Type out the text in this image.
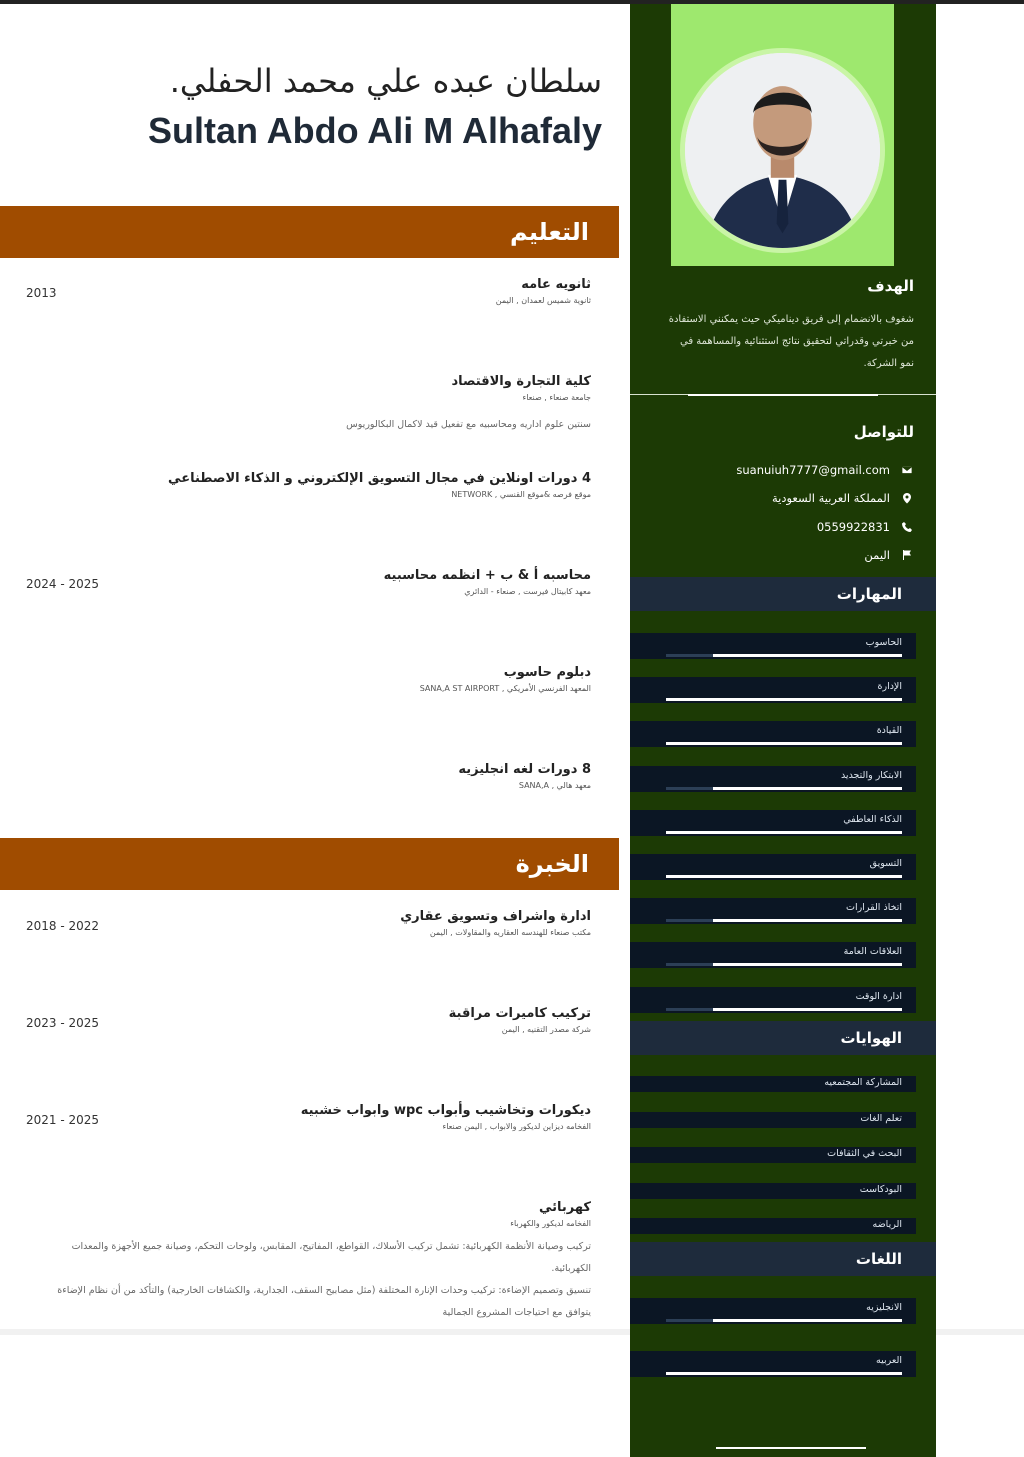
سلطان عبده علي محمد الحفلي.
Sultan Abdo Ali M Alhafaly
التعليم
ثانويه عامه
ثانوية شميس لعمدان , اليمن
2013
كلية التجارة والاقتصاد
جامعة صنعاء , صنعاء
سنتين علوم اداريه ومحاسبيه مع تفعيل قيد لاكمال البكالوريوس
4 دورات اونلاين في مجال التسويق الإلكتروني و الذكاء الاصطناعي
موقع فرصه &موقع القنسي , NETWORK
محاسبه أ & ب + انظمه محاسبيه
معهد كابيتال فيرست , صنعاء - الدائري
2024 - 2025
دبلوم حاسوب
المعهد الفرنسي الأمريكي , SANA,A ST AIRPORT
8 دورات لغه انجليزيه
معهد هالي , SANA,A
الخبرة
ادارة واشراف وتسويق عقاري
مكتب صنعاء للهندسه العقاريه والمقاولات , اليمن
2018 - 2022
تركيب كاميرات مراقبة
شركة مصدر التقنيه , اليمن
2023 - 2025
ديكورات وتخاشيب وأبواب wpc وابواب خشبيه
الفخامه ديزاين لديكور والابواب , اليمن صنعاء
2021 - 2025
كهربائي
الفخامه لديكور والكهرباء
تركيب وصيانة الأنظمة الكهربائية: تشمل تركيب الأسلاك، القواطع، المفاتيح، المقابس، ولوحات التحكم، وصيانة جميع الأجهزة والمعدات الكهربائية.
تنسيق وتصميم الإضاءة: تركيب وحدات الإنارة المختلفة (مثل مصابيح السقف، الجدارية، والكشافات الخارجية) والتأكد من أن نظام الإضاءة يتوافق مع احتياجات المشروع الجمالية
الهدف
شغوف بالانضمام إلى فريق ديناميكي حيث يمكنني الاستفادة من خبرتي وقدراتي لتحقيق نتائج استثنائية والمساهمة في نمو الشركة.
للتواصل
suanuiuh7777@gmail.com
المملكة العربية السعودية
0559922831
اليمن
المهارات
الحاسوب
الإدارة
القيادة
الابتكار والتجديد
الذكاء العاطفي
التسويق
اتخاذ القرارات
العلاقات العامة
ادارة الوقت
الهوايات
المشاركة المجتمعيه
تعلم الغات
البحث في الثقافات
البودكاست
الرياضه
اللغات
الانجليزيه
العربيه
